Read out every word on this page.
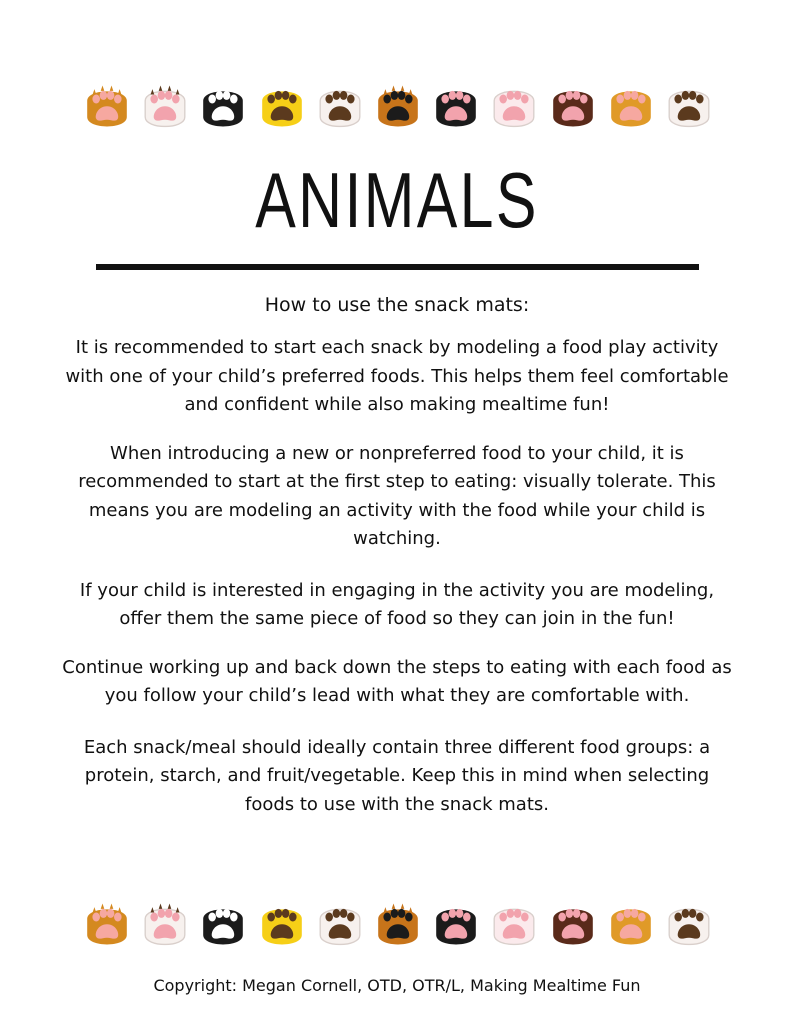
ANIMALS

How to use the snack mats:

It is recommended to start each snack by modeling a food play activity with one of your child’s preferred foods. This helps them feel comfortable and confident while also making mealtime fun!

When introducing a new or nonpreferred food to your child, it is recommended to start at the first step to eating: visually tolerate. This means you are modeling an activity with the food while your child is watching.

If your child is interested in engaging in the activity you are modeling, offer them the same piece of food so they can join in the fun!

Continue working up and back down the steps to eating with each food as you follow your child’s lead with what they are comfortable with.

Each snack/meal should ideally contain three different food groups: a protein, starch, and fruit/vegetable. Keep this in mind when selecting foods to use with the snack mats.

Copyright: Megan Cornell, OTD, OTR/L, Making Mealtime Fun
